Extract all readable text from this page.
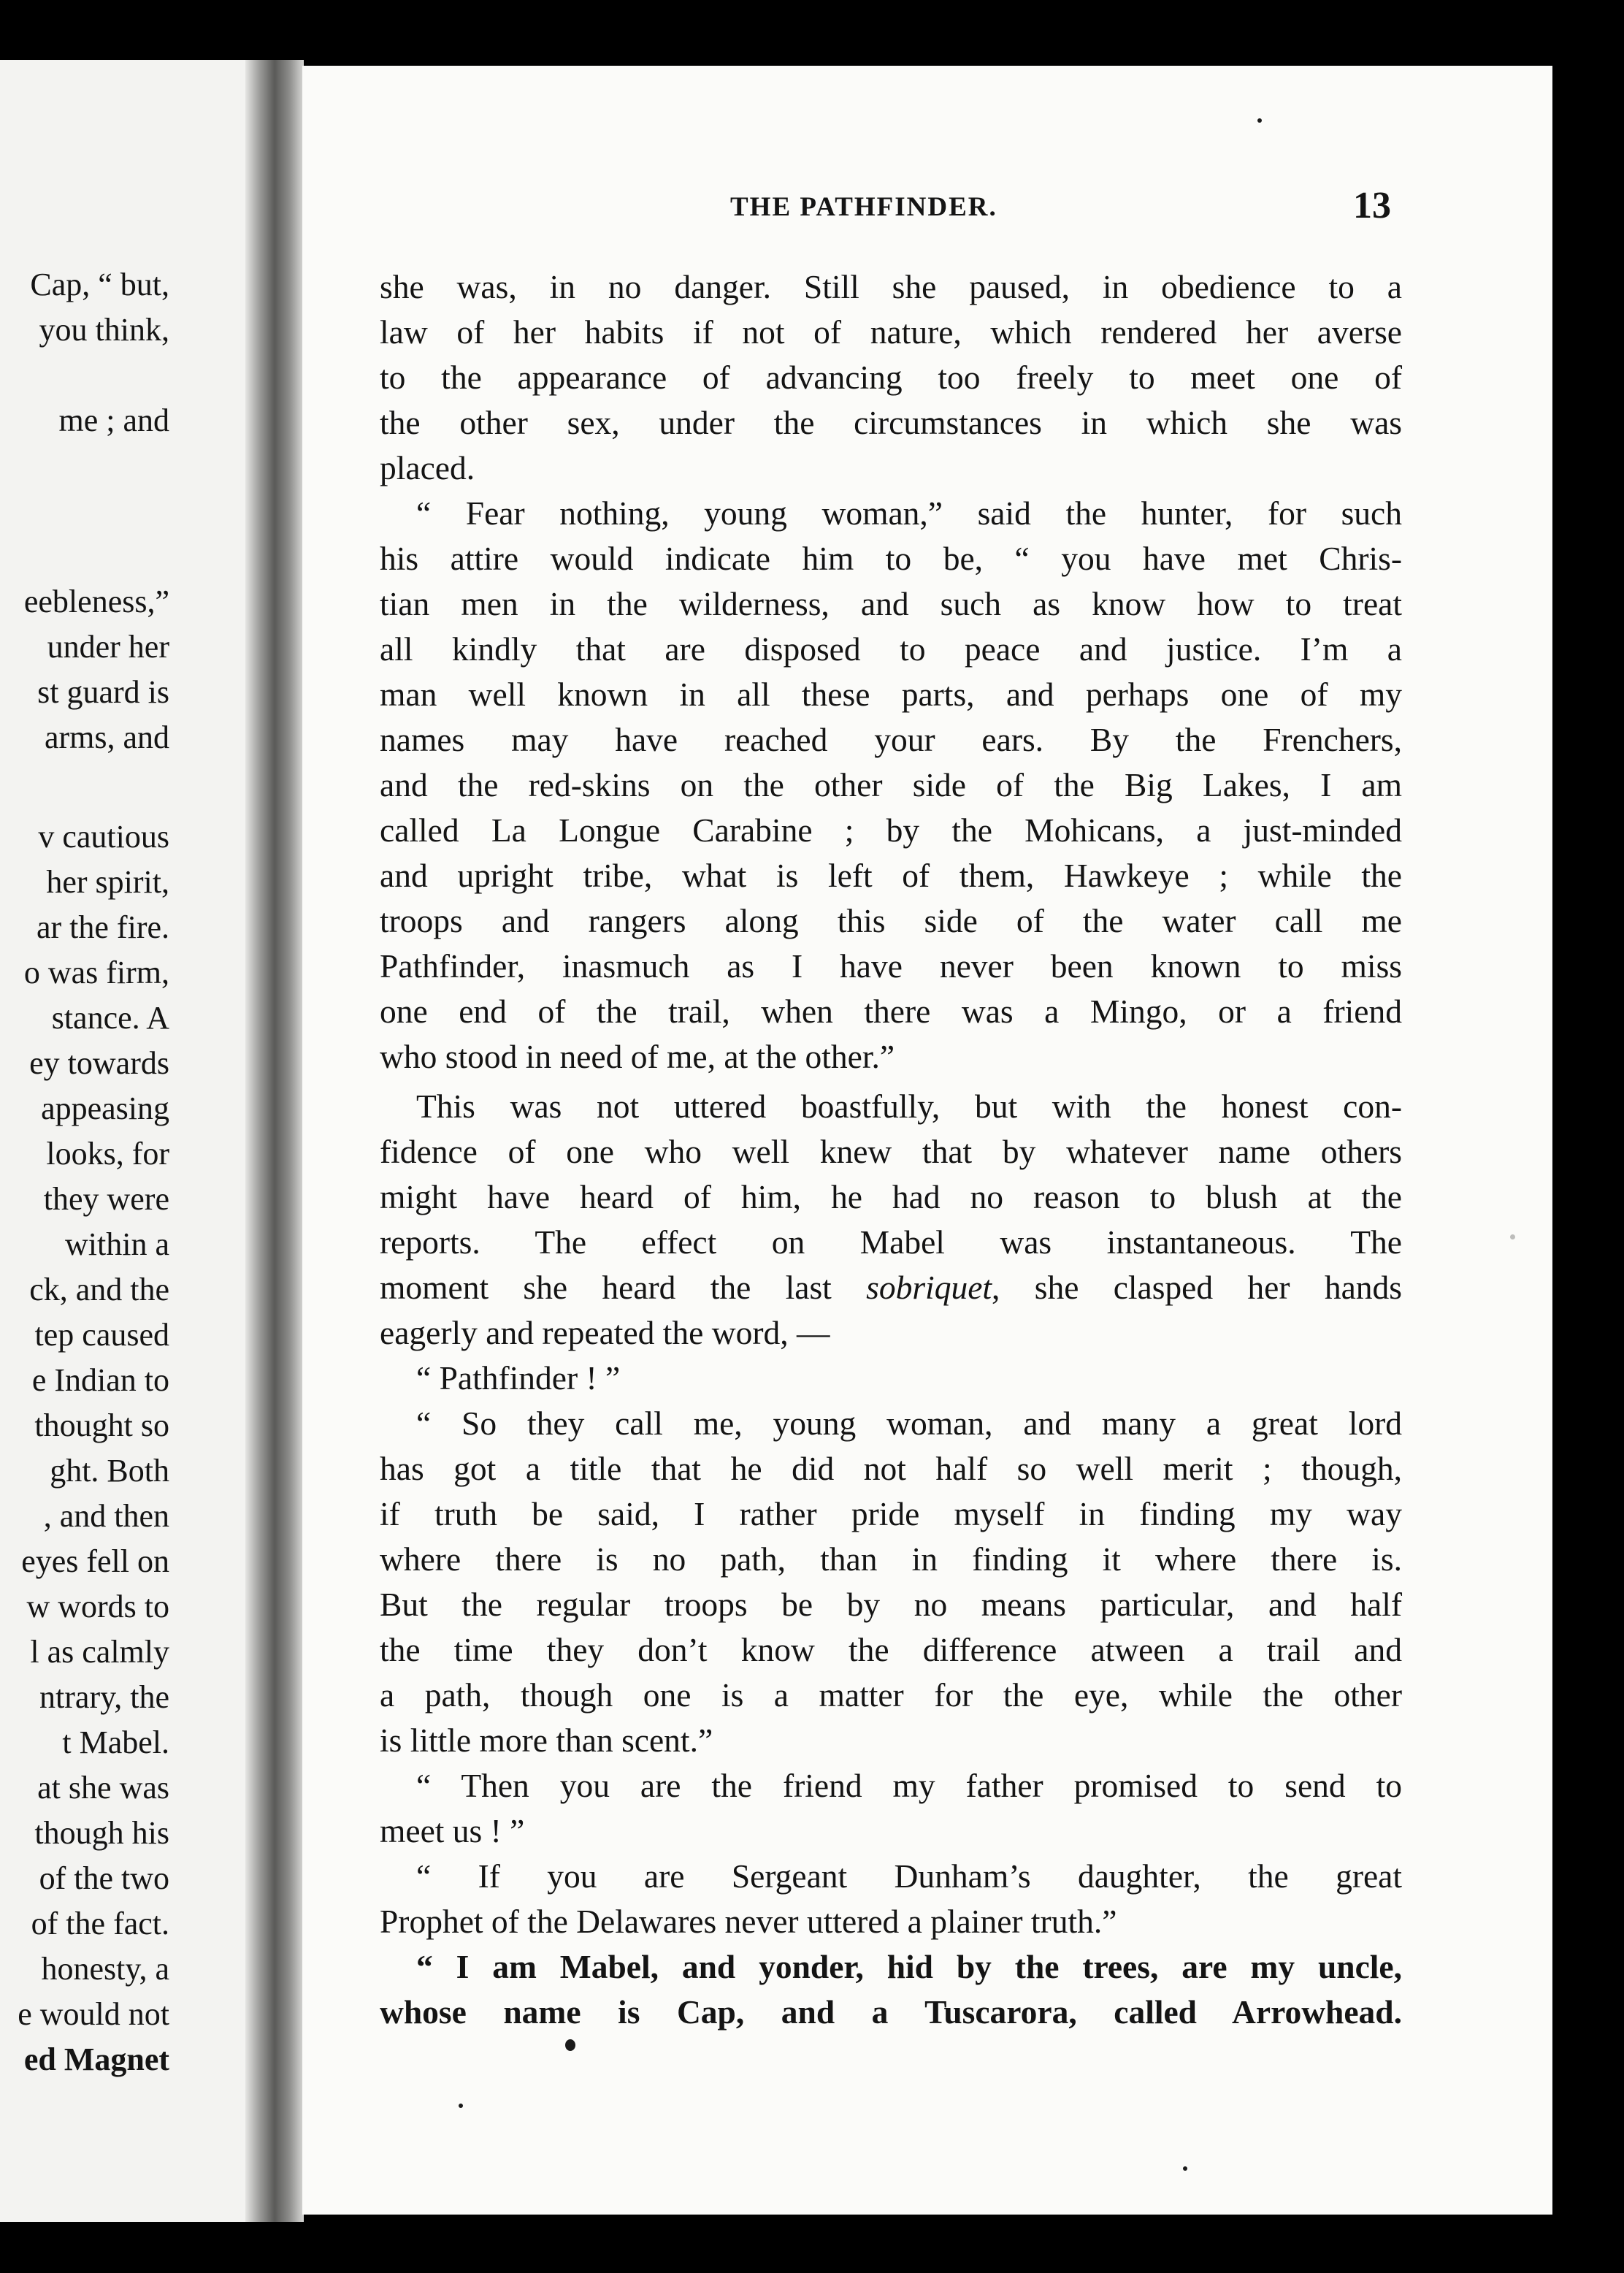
Cap, “ but,
you think,
me ; and
eebleness,”
under her
st guard is
arms, and
v cautious
her spirit,
ar the fire.
o was firm,
stance. A
ey towards
appeasing
looks, for
they were
within a
ck, and the
tep caused
e Indian to
thought so
ght. Both
, and then
eyes fell on
w words to
l as calmly
ntrary, the
t Mabel.
at she was
though his
of the two
of the fact.
honesty, a
e would not
ed Magnet
THE PATHFINDER.	13
she was, in no danger. Still she paused, in obedience to a
law of her habits if not of nature, which rendered her averse
to the appearance of advancing too freely to meet one of
the other sex, under the circumstances in which she was
placed.
“ Fear nothing, young woman,” said the hunter, for such
his attire would indicate him to be, “ you have met Chris-
tian men in the wilderness, and such as know how to treat
all kindly that are disposed to peace and justice. I’m a
man well known in all these parts, and perhaps one of my
names may have reached your ears. By the Frenchers,
and the red-skins on the other side of the Big Lakes, I am
called La Longue Carabine ; by the Mohicans, a just-minded
and upright tribe, what is left of them, Hawkeye ; while the
troops and rangers along this side of the water call me
Pathfinder, inasmuch as I have never been known to miss
one end of the trail, when there was a Mingo, or a friend
who stood in need of me, at the other.”
This was not uttered boastfully, but with the honest con-
fidence of one who well knew that by whatever name others
might have heard of him, he had no reason to blush at the
reports. The effect on Mabel was instantaneous. The
moment she heard the last sobriquet, she clasped her hands
eagerly and repeated the word, —
“ Pathfinder ! ”
“ So they call me, young woman, and many a great lord
has got a title that he did not half so well merit ; though,
if truth be said, I rather pride myself in finding my way
where there is no path, than in finding it where there is.
But the regular troops be by no means particular, and half
the time they don’t know the difference atween a trail and
a path, though one is a matter for the eye, while the other
is little more than scent.”
“ Then you are the friend my father promised to send to
meet us ! ”
“ If you are Sergeant Dunham’s daughter, the great
Prophet of the Delawares never uttered a plainer truth.”
“ I am Mabel, and yonder, hid by the trees, are my uncle,
whose name is Cap, and a Tuscarora, called Arrowhead.
